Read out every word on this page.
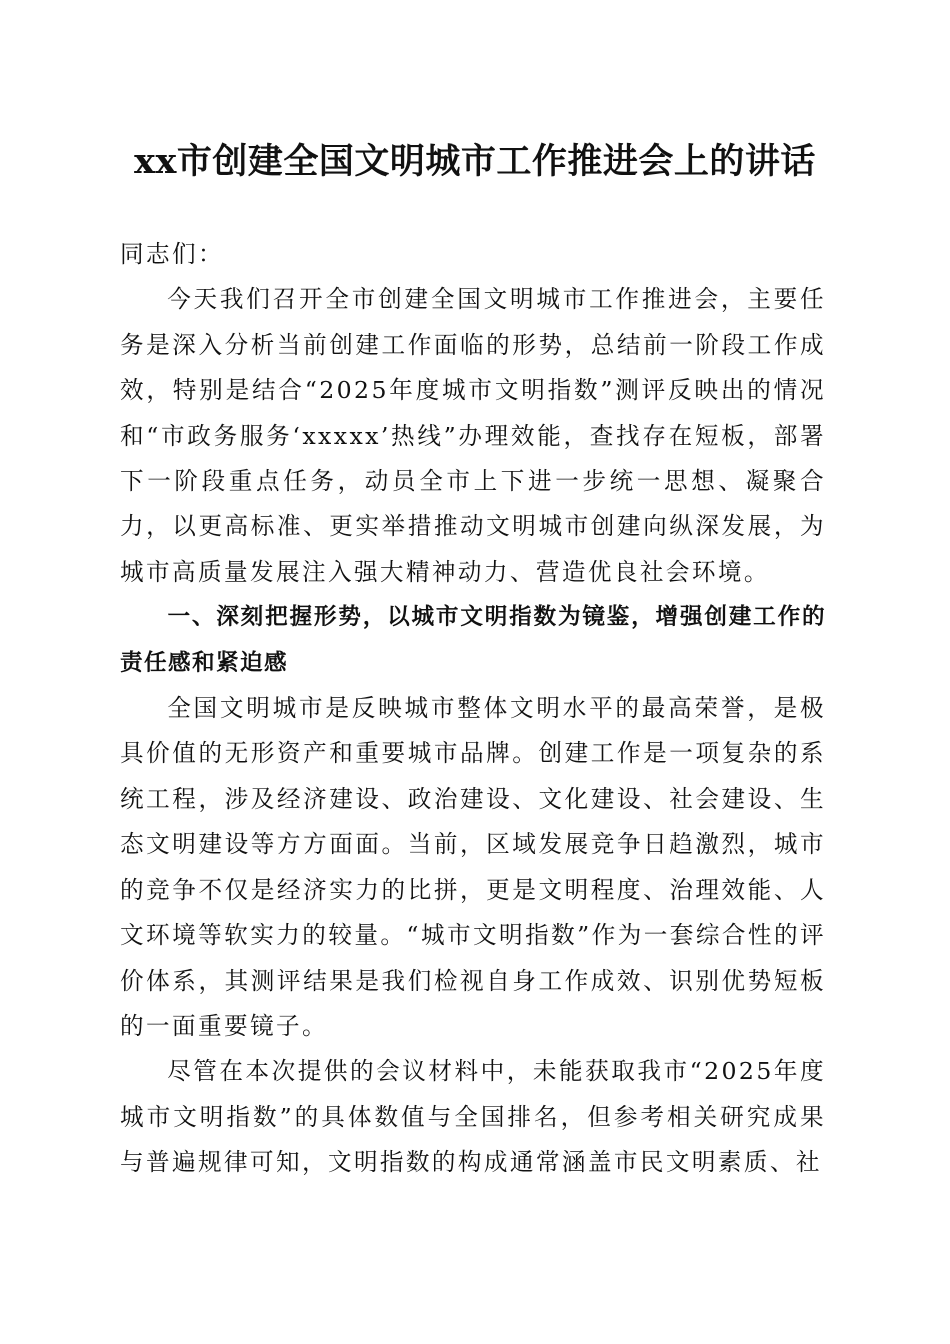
xx市创建全国文明城市工作推进会上的讲话

同志们：

今天我们召开全市创建全国文明城市工作推进会，主要任务是深入分析当前创建工作面临的形势，总结前一阶段工作成效，特别是结合“2025年度城市文明指数”测评反映出的情况和“市政务服务‘xxxxx’热线”办理效能，查找存在短板，部署下一阶段重点任务，动员全市上下进一步统一思想、凝聚合力，以更高标准、更实举措推动文明城市创建向纵深发展，为城市高质量发展注入强大精神动力、营造优良社会环境。

一、深刻把握形势，以城市文明指数为镜鉴，增强创建工作的责任感和紧迫感

全国文明城市是反映城市整体文明水平的最高荣誉，是极具价值的无形资产和重要城市品牌。创建工作是一项复杂的系统工程，涉及经济建设、政治建设、文化建设、社会建设、生态文明建设等方方面面。当前，区域发展竞争日趋激烈，城市的竞争不仅是经济实力的比拼，更是文明程度、治理效能、人文环境等软实力的较量。“城市文明指数”作为一套综合性的评价体系，其测评结果是我们检视自身工作成效、识别优势短板的一面重要镜子。

尽管在本次提供的会议材料中，未能获取我市“2025年度城市文明指数”的具体数值与全国排名，但参考相关研究成果与普遍规律可知，文明指数的构成通常涵盖市民文明素质、社
